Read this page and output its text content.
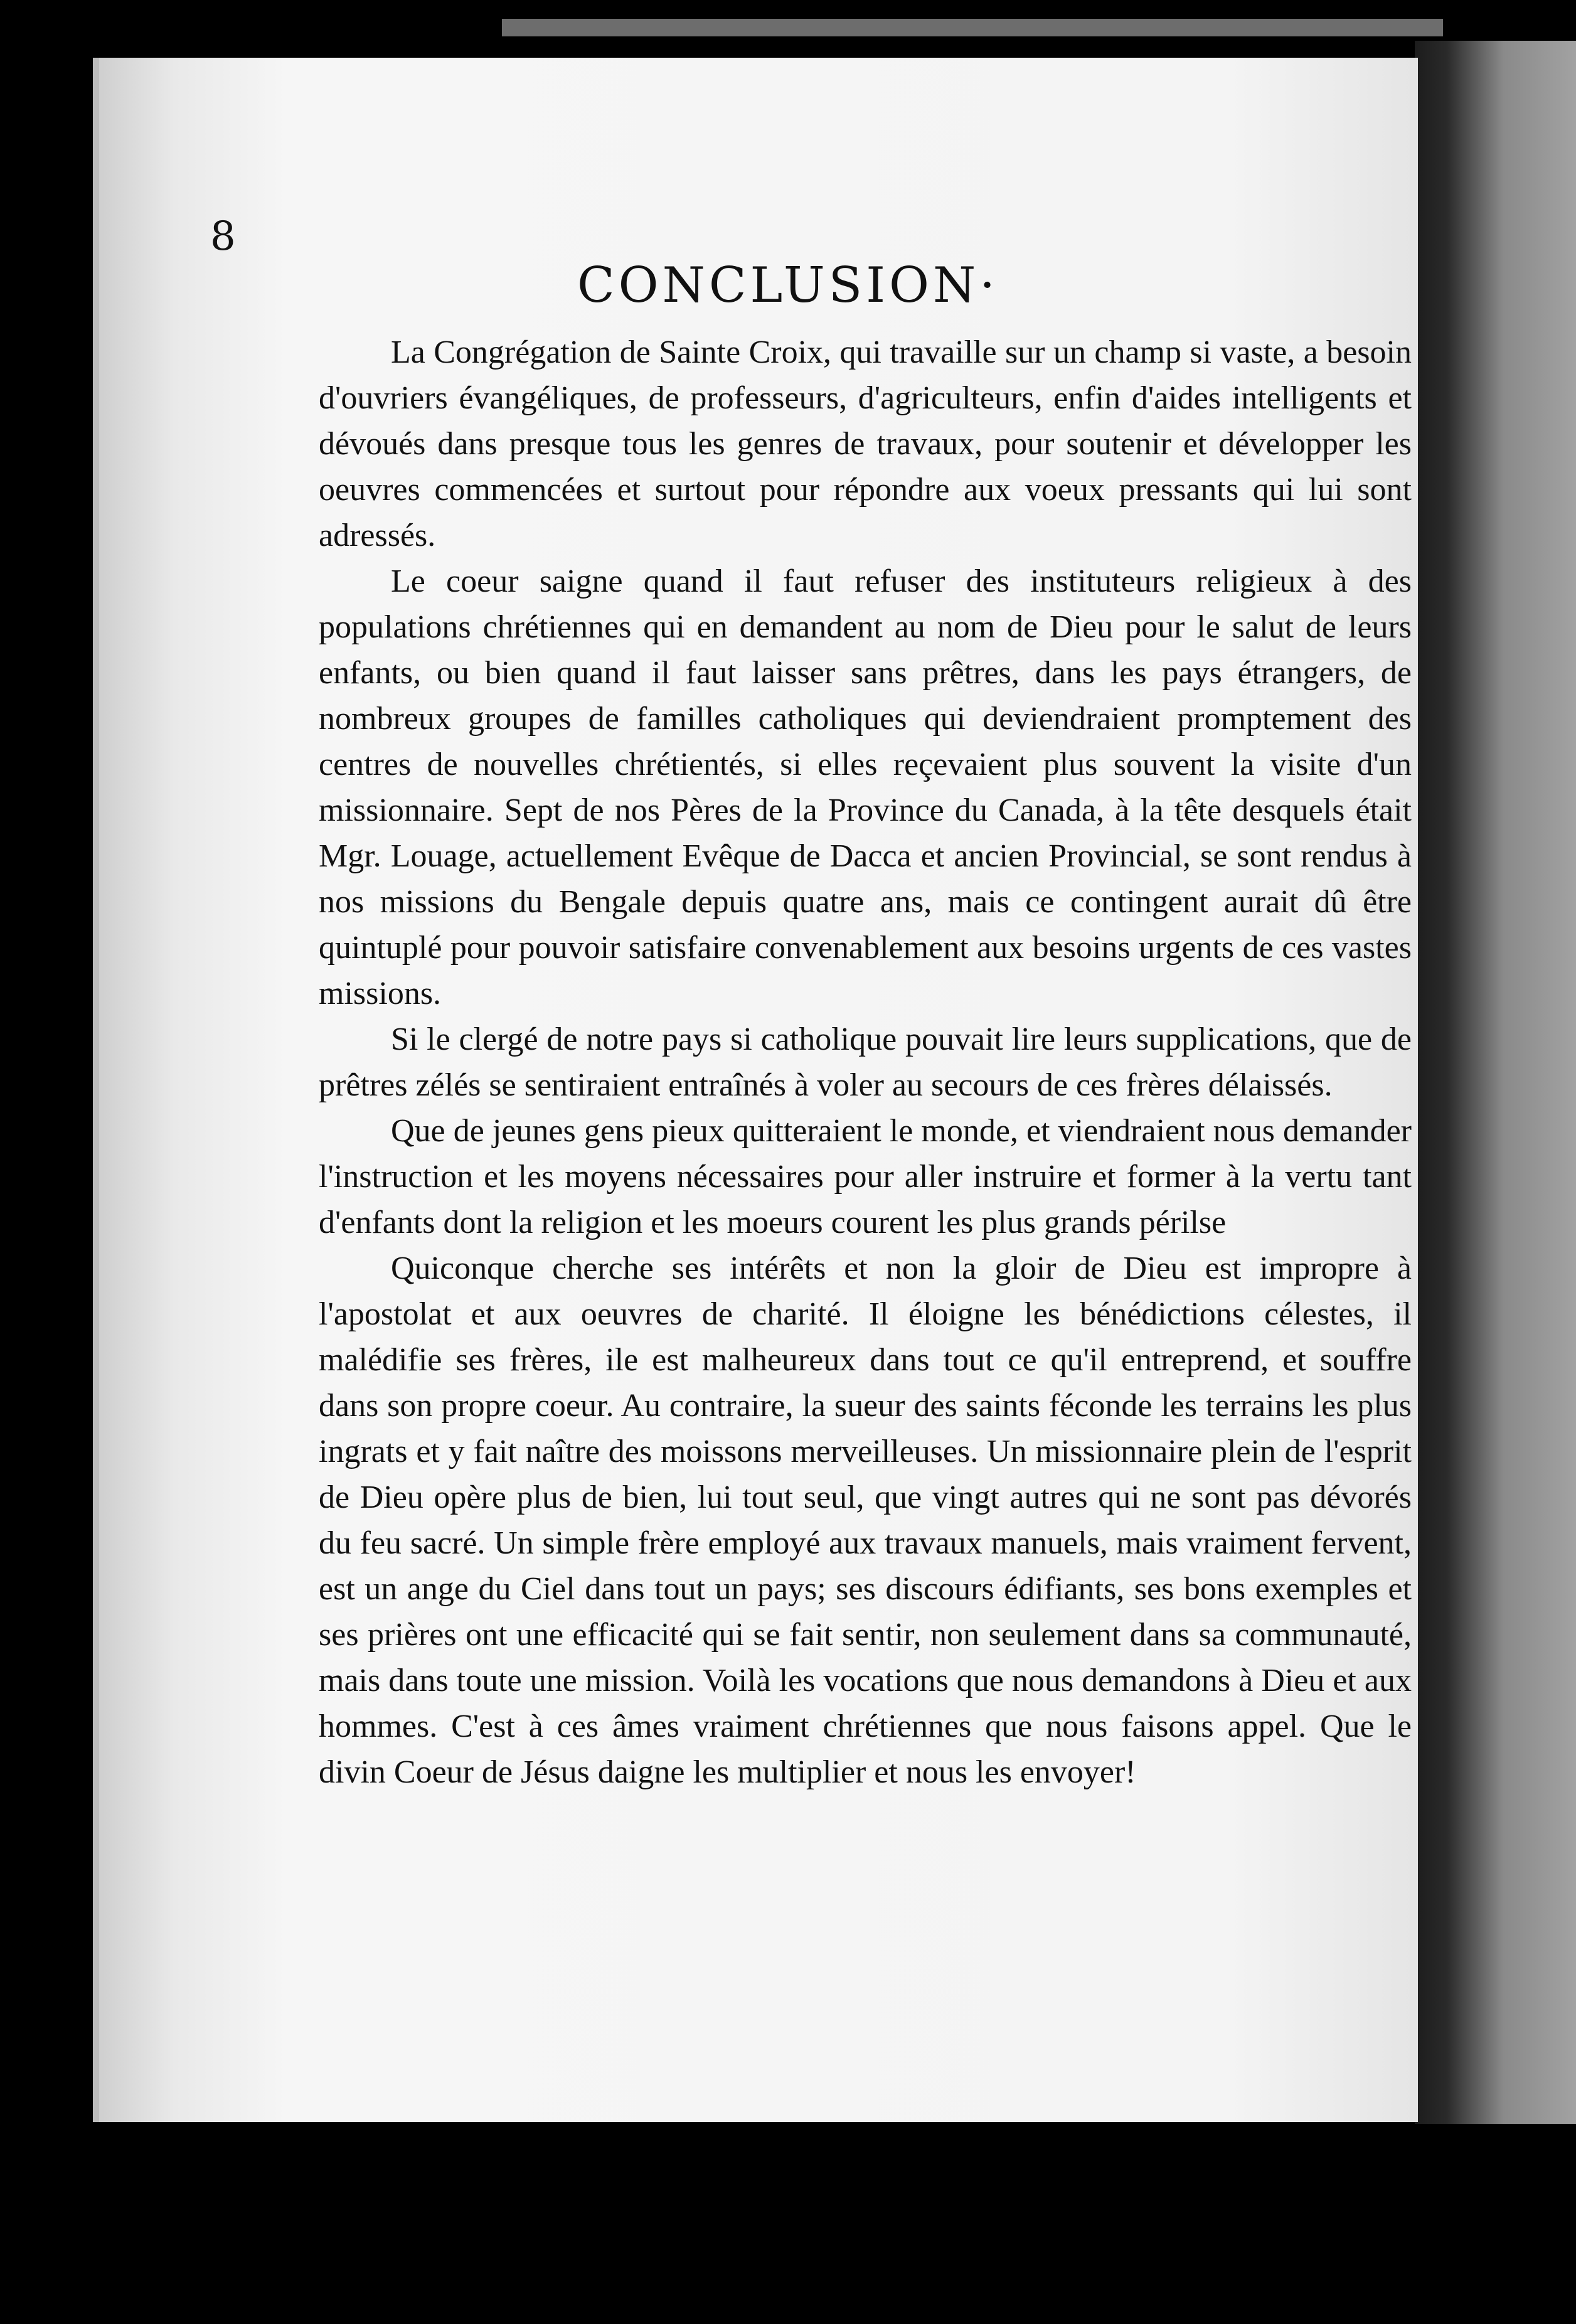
8
CONCLUSION·

La Congrégation de Sainte Croix, qui travaille sur un champ si vaste, a besoin d'ouvriers évangéliques, de professeurs, d'agriculteurs, enfin d'aides intelligents et dévoués dans presque tous les genres de travaux, pour soutenir et développer les oeuvres commencées et surtout pour répondre aux voeux pressants qui lui sont adressés.

Le coeur saigne quand il faut refuser des instituteurs religieux à des populations chrétiennes qui en demandent au nom de Dieu pour le salut de leurs enfants, ou bien quand il faut laisser sans prêtres, dans les pays étrangers, de nombreux groupes de familles catholiques qui deviendraient promptement des centres de nouvelles chrétientés, si elles reçevaient plus souvent la visite d'un missionnaire. Sept de nos Pères de la Province du Canada, à la tête desquels était Mgr. Louage, actuellement Evêque de Dacca et ancien Provincial, se sont rendus à nos missions du Bengale depuis quatre ans, mais ce contingent aurait dû être quintuplé pour pouvoir satisfaire convenablement aux besoins urgents de ces vastes missions.

Si le clergé de notre pays si catholique pouvait lire leurs supplications, que de prêtres zélés se sentiraient entraînés à voler au secours de ces frères délaissés.

Que de jeunes gens pieux quitteraient le monde, et viendraient nous demander l'instruction et les moyens nécessaires pour aller instruire et former à la vertu tant d'enfants dont la religion et les moeurs courent les plus grands périlse

Quiconque cherche ses intérêts et non la gloir de Dieu est impropre à l'apostolat et aux oeuvres de charité. Il éloigne les bénédictions célestes, il malédifie ses frères, ile est malheureux dans tout ce qu'il entreprend, et souffre dans son propre coeur. Au contraire, la sueur des saints féconde les terrains les plus ingrats et y fait naître des moissons merveilleuses. Un missionnaire plein de l'esprit de Dieu opère plus de bien, lui tout seul, que vingt autres qui ne sont pas dévorés du feu sacré. Un simple frère employé aux travaux manuels, mais vraiment fervent, est un ange du Ciel dans tout un pays; ses discours édifiants, ses bons exemples et ses prières ont une efficacité qui se fait sentir, non seulement dans sa communauté, mais dans toute une mission. Voilà les vocations que nous demandons à Dieu et aux hommes. C'est à ces âmes vraiment chrétiennes que nous faisons appel. Que le divin Coeur de Jésus daigne les multiplier et nous les envoyer!
